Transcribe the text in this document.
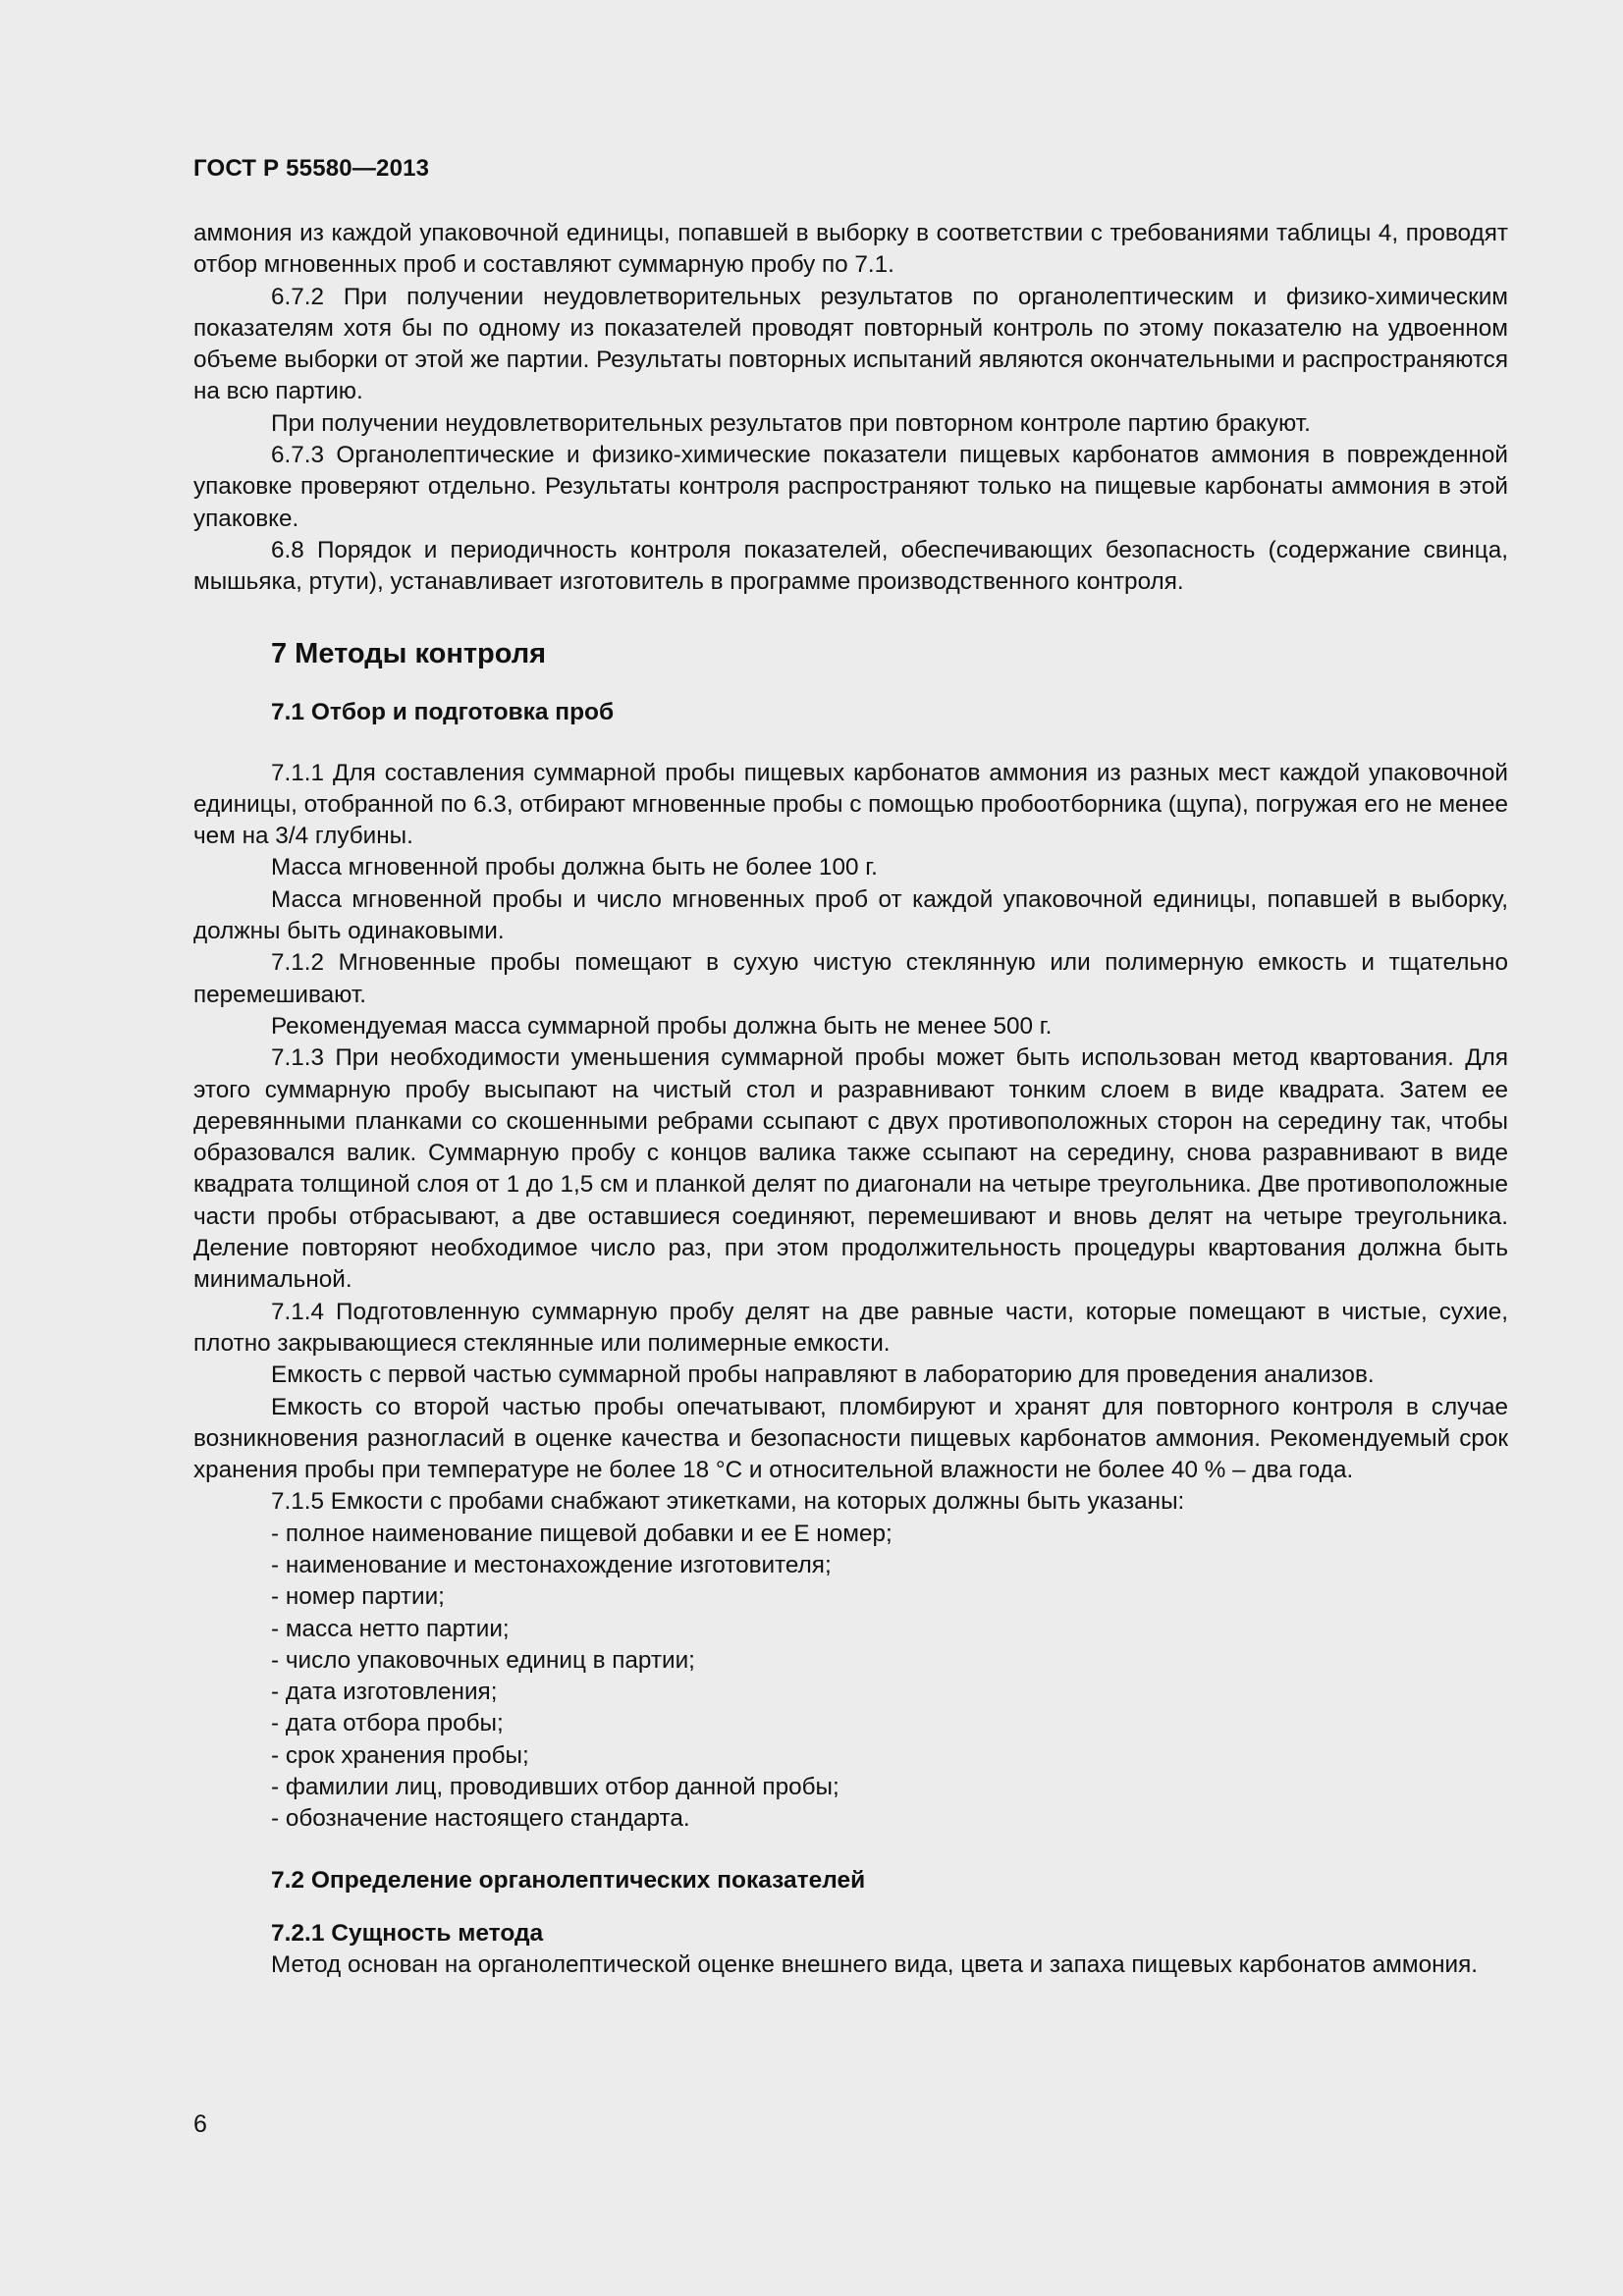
ГОСТ Р 55580—2013

аммония из каждой упаковочной единицы, попавшей в выборку в соответствии с требованиями таблицы 4, проводят отбор мгновенных проб и составляют суммарную пробу по 7.1.

6.7.2 При получении неудовлетворительных результатов по органолептическим и физико-химическим показателям хотя бы по одному из показателей проводят повторный контроль по этому показателю на удвоенном объеме выборки от этой же партии. Результаты повторных испытаний являются окончательными и распространяются на всю партию.

При получении неудовлетворительных результатов при повторном контроле партию бракуют.

6.7.3 Органолептические и физико-химические показатели пищевых карбонатов аммония в поврежденной упаковке проверяют отдельно. Результаты контроля распространяют только на пищевые карбонаты аммония в этой упаковке.

6.8 Порядок и периодичность контроля показателей, обеспечивающих безопасность (содержание свинца, мышьяка, ртути), устанавливает изготовитель в программе производственного контроля.

7 Методы контроля
7.1 Отбор и подготовка проб

7.1.1 Для составления суммарной пробы пищевых карбонатов аммония из разных мест каждой упаковочной единицы, отобранной по 6.3, отбирают мгновенные пробы с помощью пробоотборника (щупа), погружая его не менее чем на 3/4 глубины.

Масса мгновенной пробы должна быть не более 100 г.

Масса мгновенной пробы и число мгновенных проб от каждой упаковочной единицы, попавшей в выборку, должны быть одинаковыми.

7.1.2 Мгновенные пробы помещают в сухую чистую стеклянную или полимерную емкость и тщательно перемешивают.

Рекомендуемая масса суммарной пробы должна быть не менее 500 г.

7.1.3 При необходимости уменьшения суммарной пробы может быть использован метод квартования. Для этого суммарную пробу высыпают на чистый стол и разравнивают тонким слоем в виде квадрата. Затем ее деревянными планками со скошенными ребрами ссыпают с двух противоположных сторон на середину так, чтобы образовался валик. Суммарную пробу с концов валика также ссыпают на середину, снова разравнивают в виде квадрата толщиной слоя от 1 до 1,5 см и планкой делят по диагонали на четыре треугольника. Две противоположные части пробы отбрасывают, а две оставшиеся соединяют, перемешивают и вновь делят на четыре треугольника. Деление повторяют необходимое число раз, при этом продолжительность процедуры квартования должна быть минимальной.

7.1.4 Подготовленную суммарную пробу делят на две равные части, которые помещают в чистые, сухие, плотно закрывающиеся стеклянные или полимерные емкости.

Емкость с первой частью суммарной пробы направляют в лабораторию для проведения анализов.

Емкость со второй частью пробы опечатывают, пломбируют и хранят для повторного контроля в случае возникновения разногласий в оценке качества и безопасности пищевых карбонатов аммония. Рекомендуемый срок хранения пробы при температуре не более 18 °С и относительной влажности не более 40 % – два года.

7.1.5 Емкости с пробами снабжают этикетками, на которых должны быть указаны:

- полное наименование пищевой добавки и ее Е номер;

- наименование и местонахождение изготовителя;

- номер партии;

- масса нетто партии;

- число упаковочных единиц в партии;

- дата изготовления;

- дата отбора пробы;

- срок хранения пробы;

- фамилии лиц, проводивших отбор данной пробы;

- обозначение настоящего стандарта.

7.2 Определение органолептических показателей
7.2.1 Сущность метода

Метод основан на органолептической оценке внешнего вида, цвета и запаха пищевых карбонатов аммония.

6
